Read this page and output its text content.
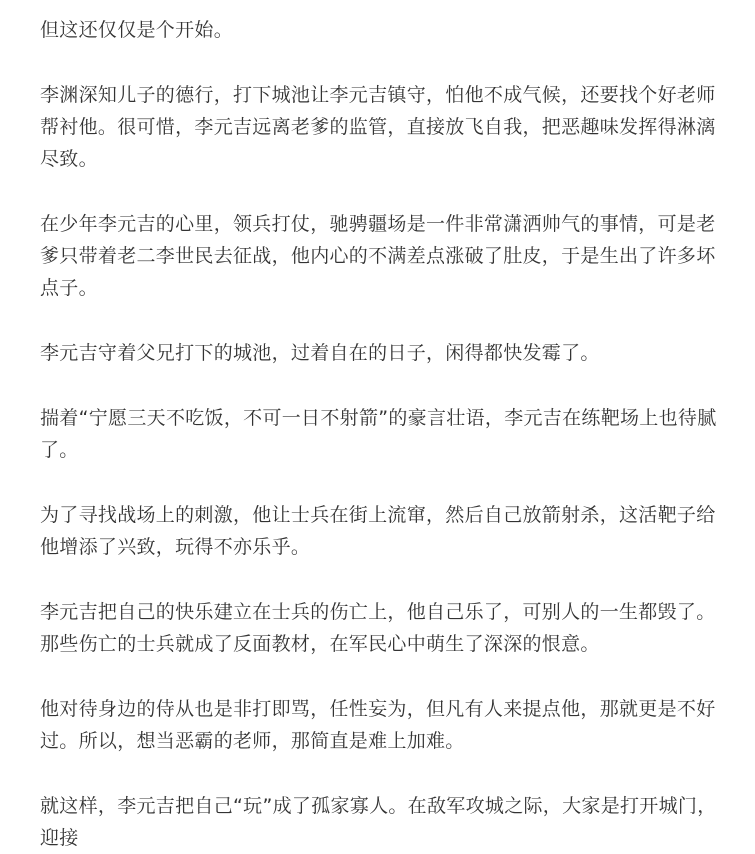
但这还仅仅是个开始。

李渊深知儿子的德行，打下城池让李元吉镇守，怕他不成气候，还要找个好老师帮衬他。很可惜，李元吉远离老爹的监管，直接放飞自我，把恶趣味发挥得淋漓尽致。

在少年李元吉的心里，领兵打仗，驰骋疆场是一件非常潇洒帅气的事情，可是老爹只带着老二李世民去征战，他内心的不满差点涨破了肚皮，于是生出了许多坏点子。

李元吉守着父兄打下的城池，过着自在的日子，闲得都快发霉了。

揣着“宁愿三天不吃饭，不可一日不射箭”的豪言壮语，李元吉在练靶场上也待腻了。

为了寻找战场上的刺激，他让士兵在街上流窜，然后自己放箭射杀，这活靶子给他增添了兴致，玩得不亦乐乎。

李元吉把自己的快乐建立在士兵的伤亡上，他自己乐了，可别人的一生都毁了。那些伤亡的士兵就成了反面教材，在军民心中萌生了深深的恨意。

他对待身边的侍从也是非打即骂，任性妄为，但凡有人来提点他，那就更是不好过。所以，想当恶霸的老师，那简直是难上加难。

就这样，李元吉把自己“玩”成了孤家寡人。在敌军攻城之际，大家是打开城门，迎接
